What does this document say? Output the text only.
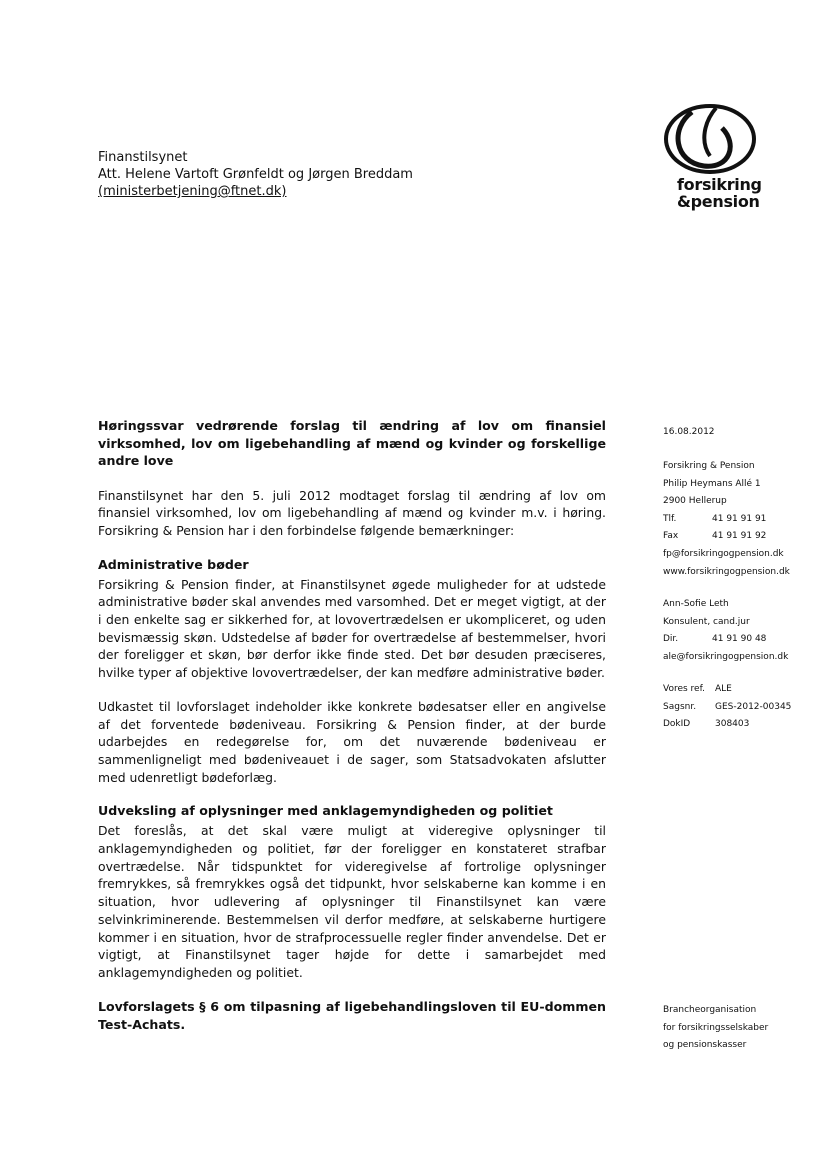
Finanstilsynet
Att. Helene Vartoft Grønfeldt og Jørgen Breddam
(ministerbetjening@ftnet.dk)	forsikring
&pension
Høringssvar vedrørende forslag til ændring af lov om finansiel virksomhed, lov om ligebehandling af mænd og kvinder og forskellige andre love

Finanstilsynet har den 5. juli 2012 modtaget forslag til ændring af lov om finansiel virksomhed, lov om ligebehandling af mænd og kvinder m.v. i høring. Forsikring & Pension har i den forbindelse følgende bemærkninger:

Administrative bøder

Forsikring & Pension finder, at Finanstilsynet øgede muligheder for at udstede administrative bøder skal anvendes med varsomhed. Det er meget vigtigt, at der i den enkelte sag er sikkerhed for, at lovovertrædelsen er ukompliceret, og uden bevismæssig skøn. Udstedelse af bøder for overtrædelse af bestemmelser, hvori der foreligger et skøn, bør derfor ikke finde sted. Det bør desuden præciseres, hvilke typer af objektive lovovertrædelser, der kan medføre administrative bøder.

Udkastet til lovforslaget indeholder ikke konkrete bødesatser eller en angivelse af det forventede bødeniveau. Forsikring & Pension finder, at der burde udarbejdes en redegørelse for, om det nuværende bødeniveau er sammenligneligt med bødeniveauet i de sager, som Statsadvokaten afslutter med udenretligt bødeforlæg.

Udveksling af oplysninger med anklagemyndigheden og politiet

Det foreslås, at det skal være muligt at videregive oplysninger til anklagemyndigheden og politiet, før der foreligger en konstateret strafbar overtrædelse. Når tidspunktet for videregivelse af fortrolige oplysninger fremrykkes, så fremrykkes også det tidpunkt, hvor selskaberne kan komme i en situation, hvor udlevering af oplysninger til Finanstilsynet kan være selvinkriminerende. Bestemmelsen vil derfor medføre, at selskaberne hurtigere kommer i en situation, hvor de strafprocessuelle regler finder anvendelse. Det er vigtigt, at Finanstilsynet tager højde for dette i samarbejdet med anklagemyndigheden og politiet.

Lovforslagets § 6 om tilpasning af ligebehandlingsloven til EU-dommen Test-Achats.
16.08.2012
Forsikring & Pension
Philip Heymans Allé 1
2900 Hellerup
Tlf.	41 91 91 91
Fax	41 91 91 92
fp@forsikringogpension.dk
www.forsikringogpension.dk
Ann-Sofie Leth
Konsulent, cand.jur
Dir.	41 91 90 48
ale@forsikringogpension.dk
Vores ref. ALE
Sagsnr. GES-2012-00345
DokID	308403
Brancheorganisation
for forsikringsselskaber
og pensionskasser
